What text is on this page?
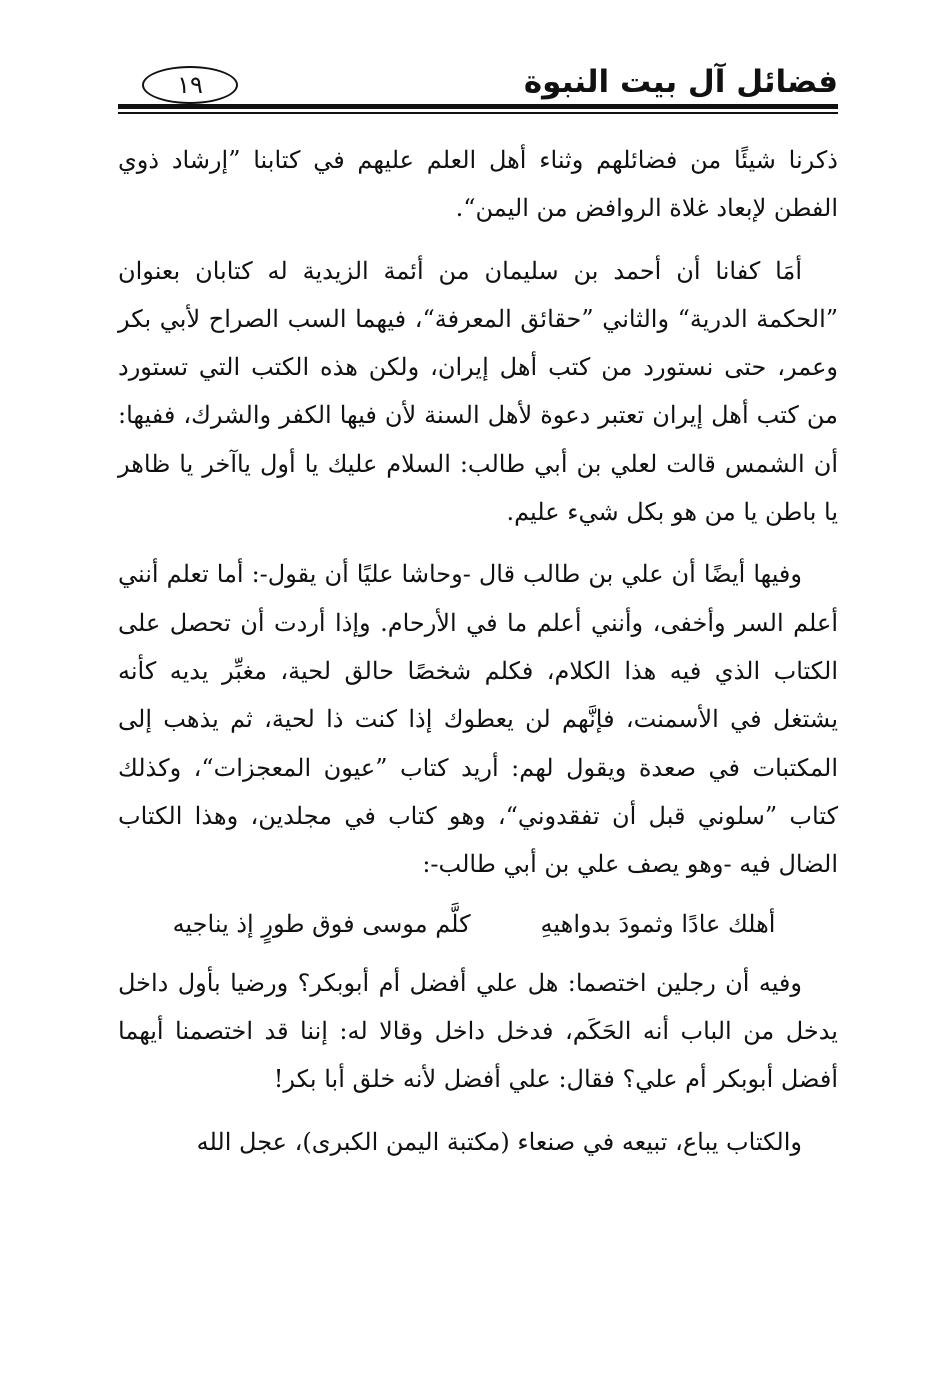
١٩	فضائل آل بيت النبوة

ذكرنا شيئًا من فضائلهم وثناء أهل العلم عليهم في كتابنا ”إرشاد ذوي الفطن لإبعاد غلاة الروافض من اليمن“.

أمَا كفانا أن أحمد بن سليمان من أئمة الزيدية له كتابان بعنوان ”الحكمة الدرية“ والثاني ”حقائق المعرفة“، فيهما السب الصراح لأبي بكر وعمر، حتى نستورد من كتب أهل إيران، ولكن هذه الكتب التي تستورد من كتب أهل إيران تعتبر دعوة لأهل السنة لأن فيها الكفر والشرك، ففيها: أن الشمس قالت لعلي بن أبي طالب: السلام عليك يا أول ياآخر يا ظاهر يا باطن يا من هو بكل شيء عليم.

وفيها أيضًا أن علي بن طالب قال -وحاشا عليًا أن يقول-: أما تعلم أنني أعلم السر وأخفى، وأنني أعلم ما في الأرحام. وإذا أردت أن تحصل على الكتاب الذي فيه هذا الكلام، فكلم شخصًا حالق لحية، مغبِّر يديه كأنه يشتغل في الأسمنت، فإنَّهم لن يعطوك إذا كنت ذا لحية، ثم يذهب إلى المكتبات في صعدة ويقول لهم: أريد كتاب ”عيون المعجزات“، وكذلك كتاب ”سلوني قبل أن تفقدوني“، وهو كتاب في مجلدين، وهذا الكتاب الضال فيه -وهو يصف علي بن أبي طالب-:

أهلك عادًا وثمودَ بدواهيهِ
كلَّم موسى فوق طورٍ إذ يناجيه

وفيه أن رجلين اختصما: هل علي أفضل أم أبوبكر؟ ورضيا بأول داخل يدخل من الباب أنه الحَكَم، فدخل داخل وقالا له: إننا قد اختصمنا أيهما أفضل أبوبكر أم علي؟ فقال: علي أفضل لأنه خلق أبا بكر!

والكتاب يباع، تبيعه في صنعاء (مكتبة اليمن الكبرى)، عجل الله
